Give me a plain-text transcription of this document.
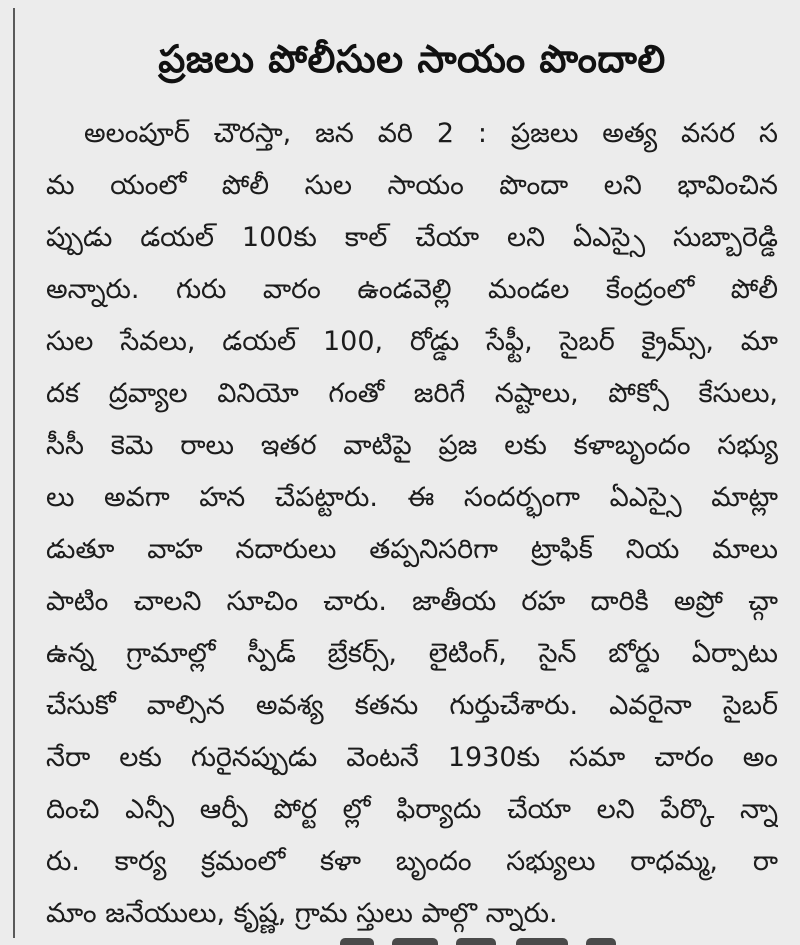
ప్రజలు పోలీసుల సాయం పొందాలి
అలంపూర్ చౌరస్తా, జన వరి 2 : ప్రజలు అత్య వసర స
మ యంలో పోలీ సుల సాయం పొందా లని భావించిన
ప్పుడు డయల్ 100కు కాల్ చేయా లని ఏఎస్సై సుబ్బారెడ్డి
అన్నారు. గురు వారం ఉండవెల్లి మండల కేంద్రంలో పోలీ
సుల సేవలు, డయల్ 100, రోడ్డు సేఫ్టీ, సైబర్ క్రైమ్స్, మా
దక ద్రవ్యాల వినియో గంతో జరిగే నష్టాలు, పోక్సో కేసులు,
సీసీ కెమె రాలు ఇతర వాటిపై ప్రజ లకు కళాబృందం సభ్యు
లు అవగా హన చేపట్టారు. ఈ సందర్భంగా ఏఎస్సై మాట్లా
డుతూ వాహ నదారులు తప్పనిసరిగా ట్రాఫిక్ నియ మాలు
పాటిం చాలని సూచిం చారు. జాతీయ రహ దారికి అప్రో చ్గా
ఉన్న గ్రామాల్లో స్పీడ్ బ్రేకర్స్, లైటింగ్, సైన్ బోర్డు ఏర్పాటు
చేసుకో వాల్సిన అవశ్య కతను గుర్తుచేశారు. ఎవరైనా సైబర్
నేరా లకు గురైనప్పుడు వెంటనే 1930కు సమా చారం అం
దించి ఎన్సీ ఆర్పీ పోర్ట ల్లో ఫిర్యాదు చేయా లని పేర్కొ న్నా
రు. కార్య క్రమంలో కళా బృందం సభ్యులు రాధమ్మ, రా
మాం జనేయులు, కృష్ణ, గ్రామ స్తులు పాల్గొ న్నారు.
